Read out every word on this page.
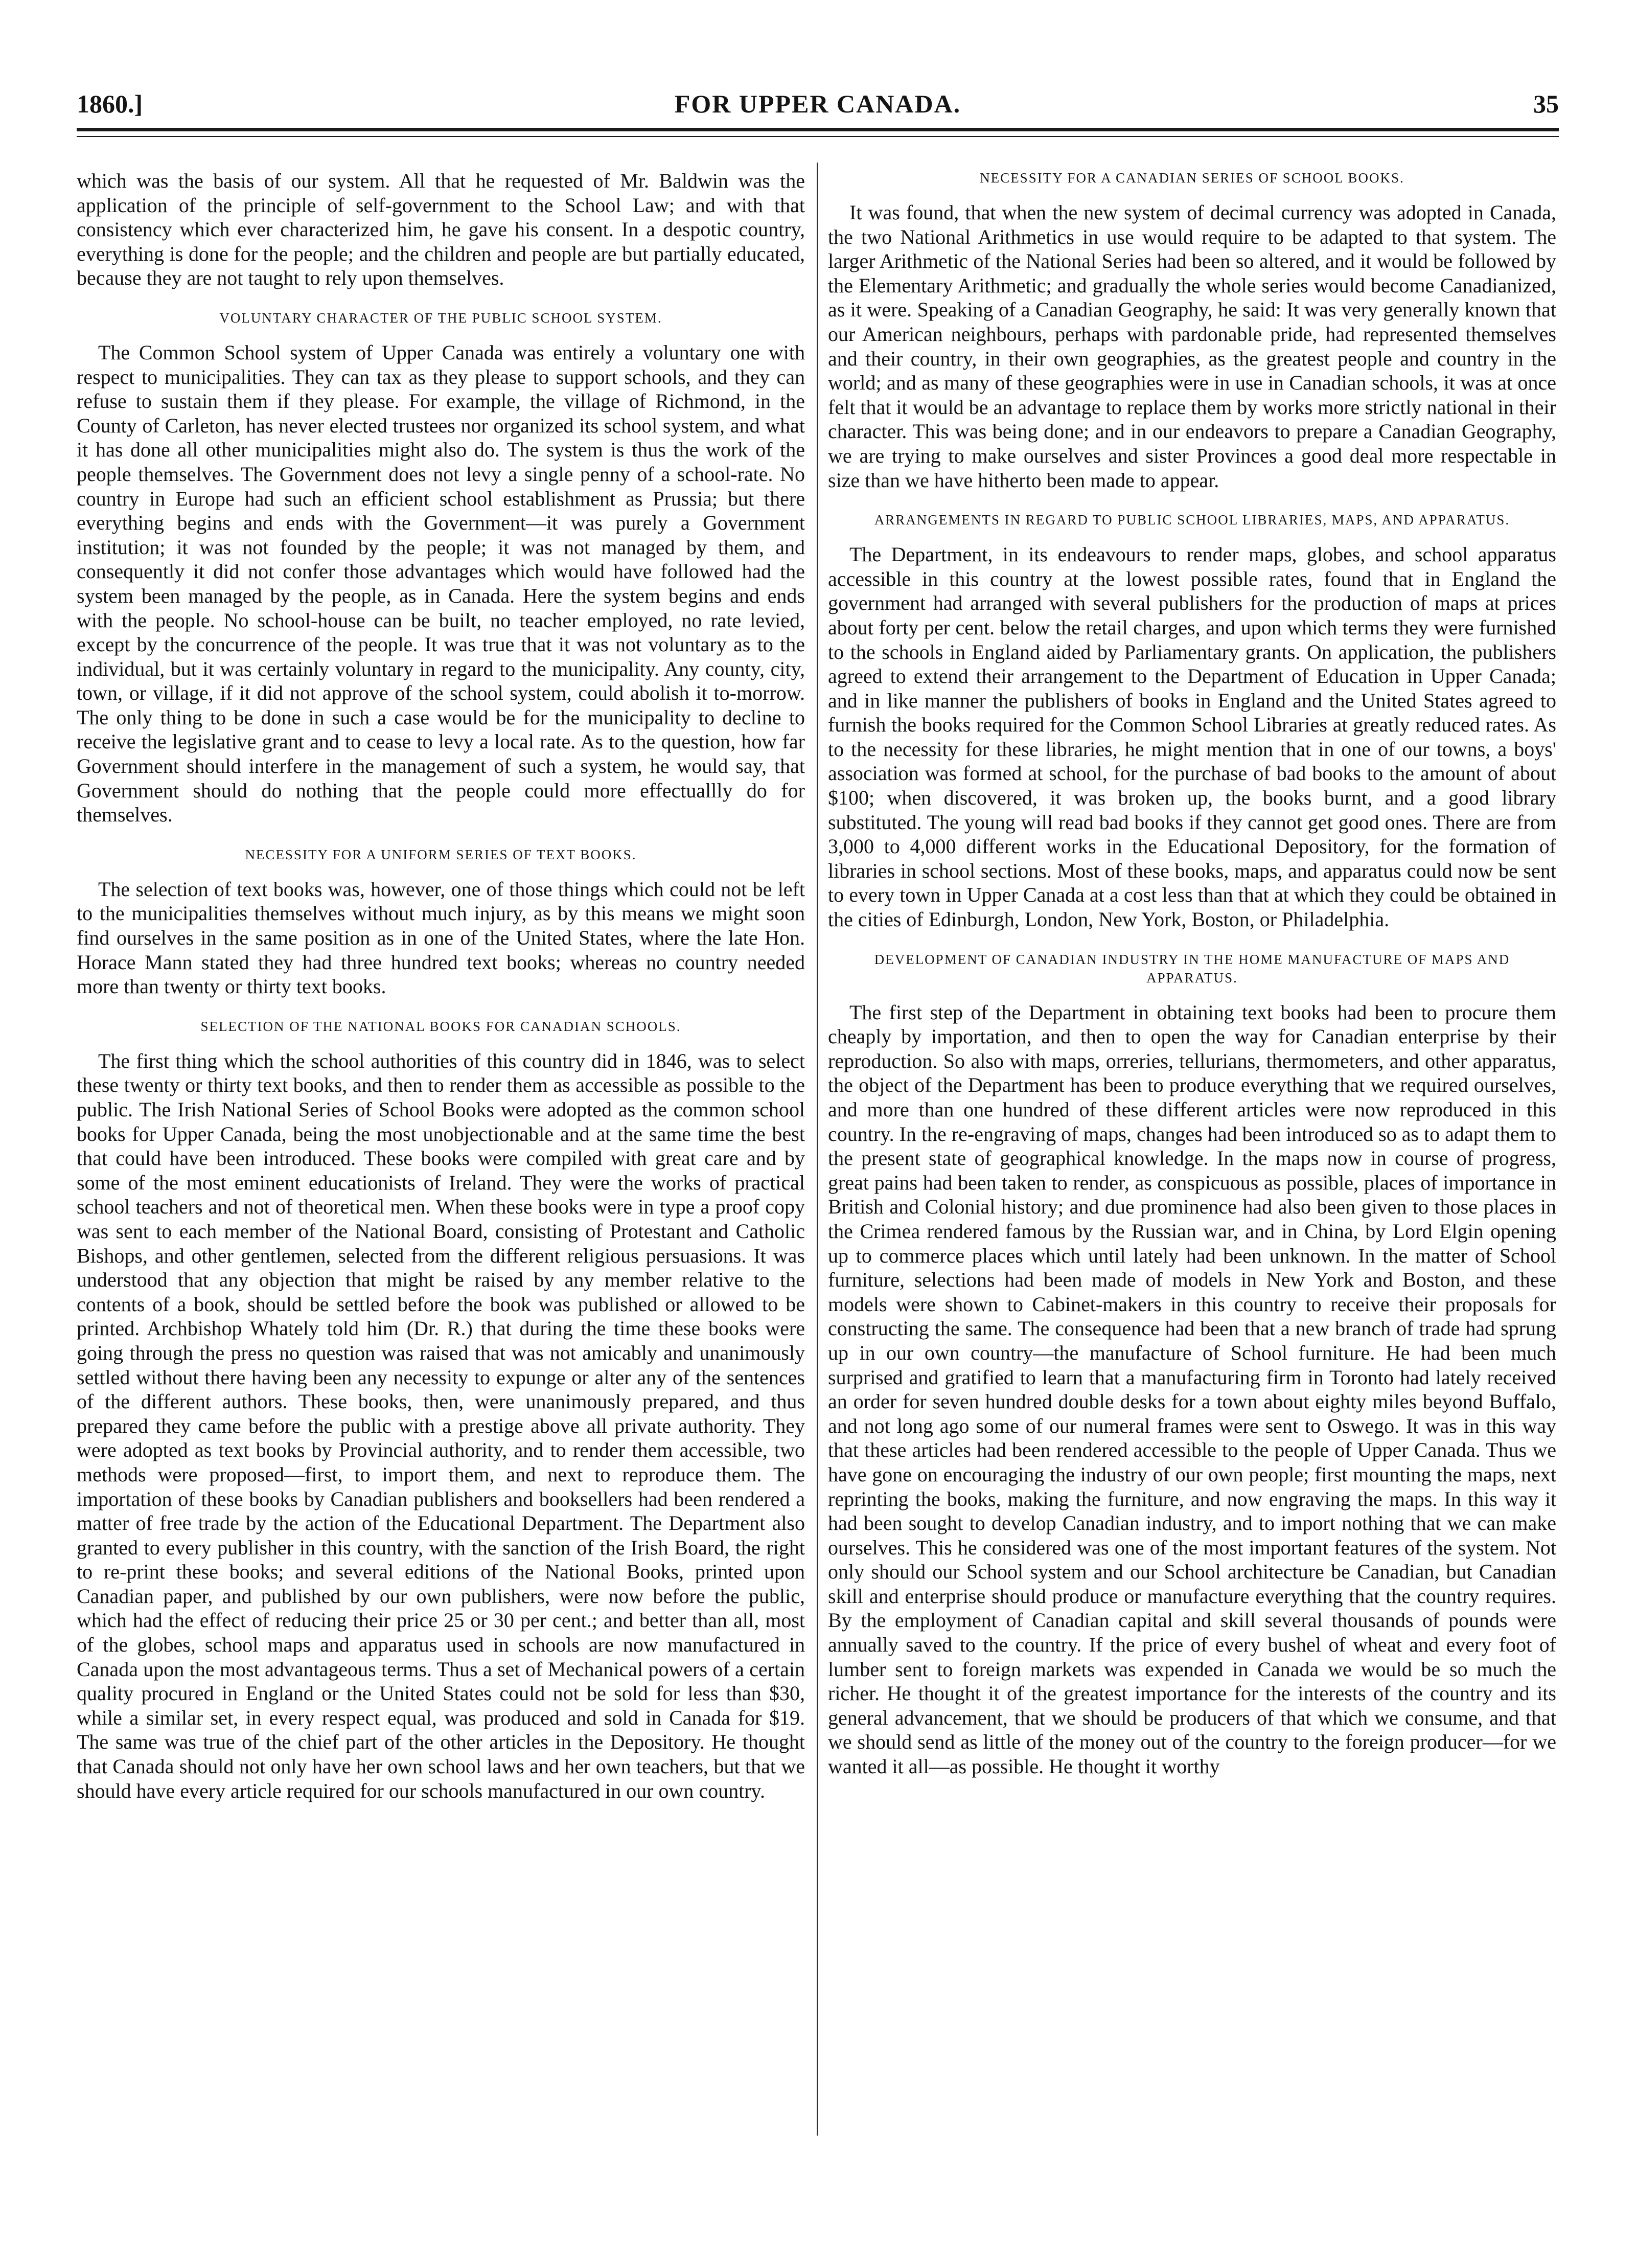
1860.]	FOR UPPER CANADA.	35

which was the basis of our system. All that he requested of Mr. Baldwin was the application of the principle of self-government to the School Law; and with that consistency which ever characterized him, he gave his consent. In a despotic country, everything is done for the people; and the children and people are but partially educated, because they are not taught to rely upon themselves.

VOLUNTARY CHARACTER OF THE PUBLIC SCHOOL SYSTEM.

The Common School system of Upper Canada was entirely a voluntary one with respect to municipalities. They can tax as they please to support schools, and they can refuse to sustain them if they please. For example, the village of Richmond, in the County of Carleton, has never elected trustees nor organized its school system, and what it has done all other municipalities might also do. The system is thus the work of the people themselves. The Government does not levy a single penny of a school-rate. No country in Europe had such an efficient school establishment as Prussia; but there everything begins and ends with the Government—it was purely a Government institution; it was not founded by the people; it was not managed by them, and consequently it did not confer those advantages which would have followed had the system been managed by the people, as in Canada. Here the system begins and ends with the people. No school-house can be built, no teacher employed, no rate levied, except by the concurrence of the people. It was true that it was not voluntary as to the individual, but it was certainly voluntary in regard to the municipality. Any county, city, town, or village, if it did not approve of the school system, could abolish it to-morrow. The only thing to be done in such a case would be for the municipality to decline to receive the legislative grant and to cease to levy a local rate. As to the question, how far Government should interfere in the management of such a system, he would say, that Government should do nothing that the people could more effectuallly do for themselves.

NECESSITY FOR A UNIFORM SERIES OF TEXT BOOKS.

The selection of text books was, however, one of those things which could not be left to the municipalities themselves without much injury, as by this means we might soon find ourselves in the same position as in one of the United States, where the late Hon. Horace Mann stated they had three hundred text books; whereas no country needed more than twenty or thirty text books.

SELECTION OF THE NATIONAL BOOKS FOR CANADIAN SCHOOLS.

The first thing which the school authorities of this country did in 1846, was to select these twenty or thirty text books, and then to render them as accessible as possible to the public. The Irish National Series of School Books were adopted as the common school books for Upper Canada, being the most unobjectionable and at the same time the best that could have been introduced. These books were compiled with great care and by some of the most eminent educationists of Ireland. They were the works of practical school teachers and not of theoretical men. When these books were in type a proof copy was sent to each member of the National Board, consisting of Protestant and Catholic Bishops, and other gentlemen, selected from the different religious persuasions. It was understood that any objection that might be raised by any member relative to the contents of a book, should be settled before the book was published or allowed to be printed. Archbishop Whately told him (Dr. R.) that during the time these books were going through the press no question was raised that was not amicably and unanimously settled without there having been any necessity to expunge or alter any of the sentences of the different authors. These books, then, were unanimously prepared, and thus prepared they came before the public with a prestige above all private authority. They were adopted as text books by Provincial authority, and to render them accessible, two methods were proposed—first, to import them, and next to reproduce them. The importation of these books by Canadian publishers and booksellers had been rendered a matter of free trade by the action of the Educational Department. The Department also granted to every publisher in this country, with the sanction of the Irish Board, the right to re-print these books; and several editions of the National Books, printed upon Canadian paper, and published by our own publishers, were now before the public, which had the effect of reducing their price 25 or 30 per cent.; and better than all, most of the globes, school maps and apparatus used in schools are now manufactured in Canada upon the most advantageous terms. Thus a set of Mechanical powers of a certain quality procured in England or the United States could not be sold for less than $30, while a similar set, in every respect equal, was produced and sold in Canada for $19. The same was true of the chief part of the other articles in the Depository. He thought that Canada should not only have her own school laws and her own teachers, but that we should have every article required for our schools manufactured in our own country.

NECESSITY FOR A CANADIAN SERIES OF SCHOOL BOOKS.

It was found, that when the new system of decimal currency was adopted in Canada, the two National Arithmetics in use would require to be adapted to that system. The larger Arithmetic of the National Series had been so altered, and it would be followed by the Elementary Arithmetic; and gradually the whole series would become Canadianized, as it were. Speaking of a Canadian Geography, he said: It was very generally known that our American neighbours, perhaps with pardonable pride, had represented themselves and their country, in their own geographies, as the greatest people and country in the world; and as many of these geographies were in use in Canadian schools, it was at once felt that it would be an advantage to replace them by works more strictly national in their character. This was being done; and in our endeavors to prepare a Canadian Geography, we are trying to make ourselves and sister Provinces a good deal more respectable in size than we have hitherto been made to appear.

ARRANGEMENTS IN REGARD TO PUBLIC SCHOOL LIBRARIES, MAPS, AND APPARATUS.

The Department, in its endeavours to render maps, globes, and school apparatus accessible in this country at the lowest possible rates, found that in England the government had arranged with several publishers for the production of maps at prices about forty per cent. below the retail charges, and upon which terms they were furnished to the schools in England aided by Parliamentary grants. On application, the publishers agreed to extend their arrangement to the Department of Education in Upper Canada; and in like manner the publishers of books in England and the United States agreed to furnish the books required for the Common School Libraries at greatly reduced rates. As to the necessity for these libraries, he might mention that in one of our towns, a boys' association was formed at school, for the purchase of bad books to the amount of about $100; when discovered, it was broken up, the books burnt, and a good library substituted. The young will read bad books if they cannot get good ones. There are from 3,000 to 4,000 different works in the Educational Depository, for the formation of libraries in school sections. Most of these books, maps, and apparatus could now be sent to every town in Upper Canada at a cost less than that at which they could be obtained in the cities of Edinburgh, London, New York, Boston, or Philadelphia.

DEVELOPMENT OF CANADIAN INDUSTRY IN THE HOME MANUFACTURE OF MAPS AND APPARATUS.

The first step of the Department in obtaining text books had been to procure them cheaply by importation, and then to open the way for Canadian enterprise by their reproduction. So also with maps, orreries, tellurians, thermometers, and other apparatus, the object of the Department has been to produce everything that we required ourselves, and more than one hundred of these different articles were now reproduced in this country. In the re-engraving of maps, changes had been introduced so as to adapt them to the present state of geographical knowledge. In the maps now in course of progress, great pains had been taken to render, as conspicuous as possible, places of importance in British and Colonial history; and due prominence had also been given to those places in the Crimea rendered famous by the Russian war, and in China, by Lord Elgin opening up to commerce places which until lately had been unknown. In the matter of School furniture, selections had been made of models in New York and Boston, and these models were shown to Cabinet-makers in this country to receive their proposals for constructing the same. The consequence had been that a new branch of trade had sprung up in our own country—the manufacture of School furniture. He had been much surprised and gratified to learn that a manufacturing firm in Toronto had lately received an order for seven hundred double desks for a town about eighty miles beyond Buffalo, and not long ago some of our numeral frames were sent to Oswego. It was in this way that these articles had been rendered accessible to the people of Upper Canada. Thus we have gone on encouraging the industry of our own people; first mounting the maps, next reprinting the books, making the furniture, and now engraving the maps. In this way it had been sought to develop Canadian industry, and to import nothing that we can make ourselves. This he considered was one of the most important features of the system. Not only should our School system and our School architecture be Canadian, but Canadian skill and enterprise should produce or manufacture everything that the country requires. By the employment of Canadian capital and skill several thousands of pounds were annually saved to the country. If the price of every bushel of wheat and every foot of lumber sent to foreign markets was expended in Canada we would be so much the richer. He thought it of the greatest importance for the interests of the country and its general advancement, that we should be producers of that which we consume, and that we should send as little of the money out of the country to the foreign producer—for we wanted it all—as possible. He thought it worthy
